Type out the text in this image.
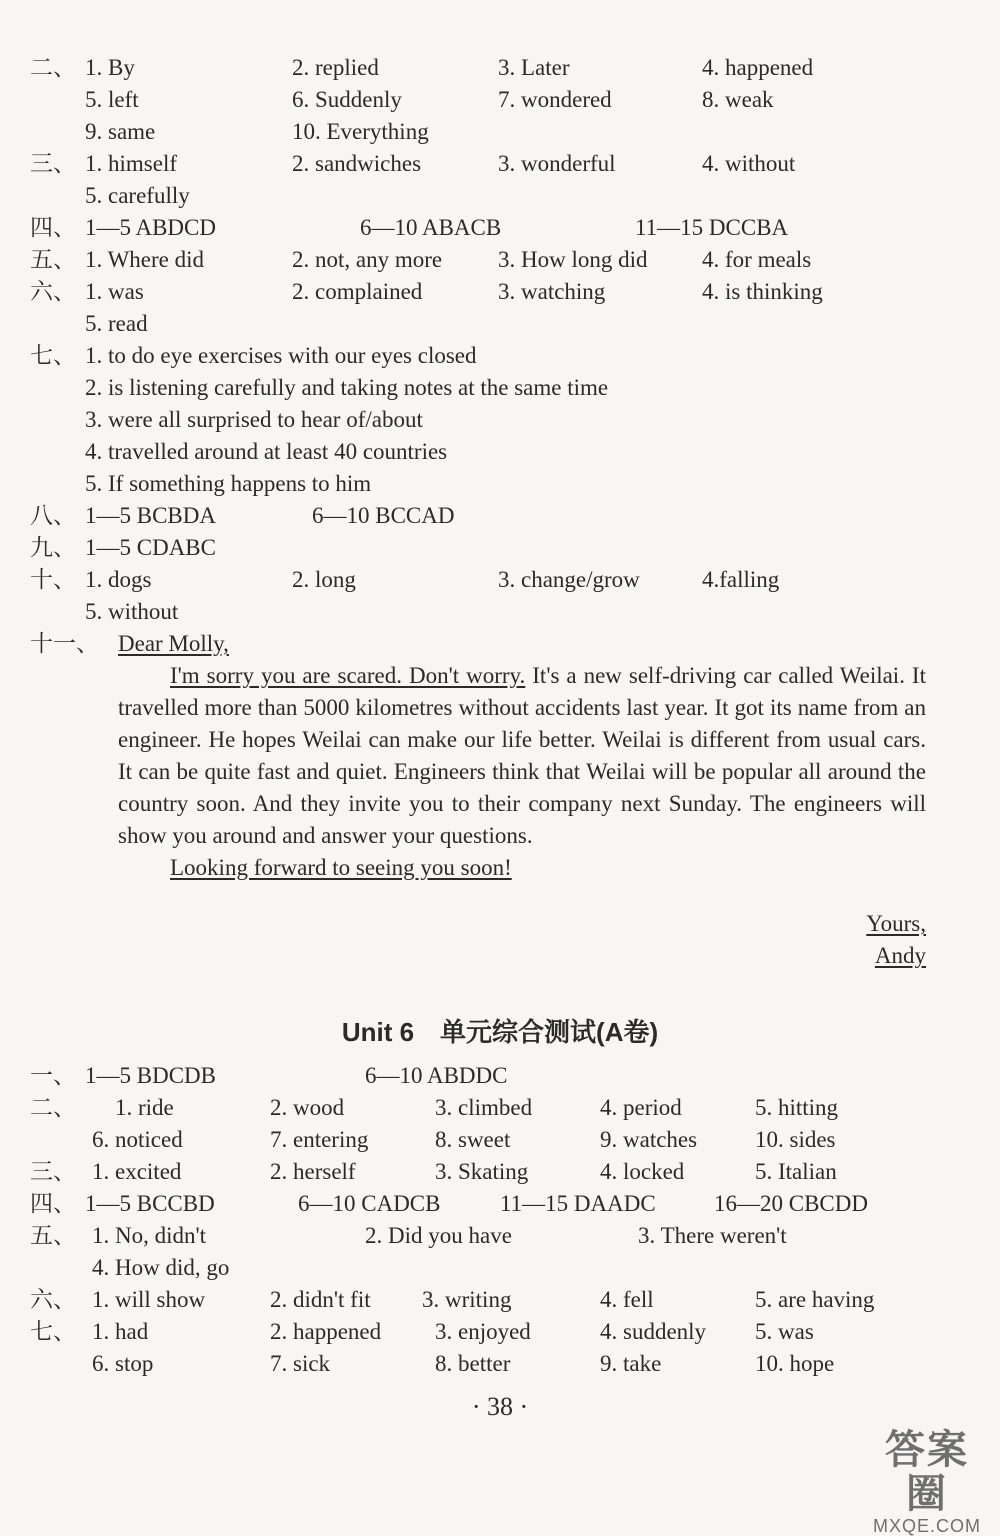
二、 1. By	2. replied	3. Later	4. happened
5. left	6. Suddenly	7. wondered	8. weak
9. same	10. Everything
三、 1. himself	2. sandwiches	3. wonderful	4. without
5. carefully
四、 1—5 ABDCD	6—10 ABACB	11—15 DCCBA
五、 1. Where did	2. not, any more 3. How long did 4. for meals
六、 1. was	2. complained	3. watching	4. is thinking
5. read
七、 1. to do eye exercises with our eyes closed
2. is listening carefully and taking notes at the same time
3. were all surprised to hear of/about
4. travelled around at least 40 countries
5. If something happens to him
八、 1—5 BCBDA	6—10 BCCAD
九、 1—5 CDABC
十、 1. dogs	2. long	3. change/grow	4.falling
5. without
十一、 Dear Molly,

I'm sorry you are scared. Don't worry. It's a new self-driving car called Weilai. It travelled more than 5000 kilometres without accidents last year. It got its name from an engineer. He hopes Weilai can make our life better. Weilai is different from usual cars. It can be quite fast and quiet. Engineers think that Weilai will be popular all around the country soon. And they invite you to their company next Sunday. The engineers will show you around and answer your questions.

Looking forward to seeing you soon!

Yours,
Andy
Unit 6　单元综合测试(A卷)
一、 1—5 BDCDB	6—10 ABDDC
二、 1. ride	2. wood	3. climbed	4. period	5. hitting
6. noticed	7. entering	8. sweet	9. watches	10. sides
三、 1. excited	2. herself	3. Skating	4. locked	5. Italian
四、 1—5 BCCBD	6—10 CADCB	11—15 DAADC	16—20 CBCDD
五、 1. No, didn't	2. Did you have	3. There weren't
4. How did, go
六、 1. will show	2. didn't fit 3. writing	4. fell	5. are having
七、 1. had	2. happened 3. enjoyed	4. suddenly 5. was
6. stop	7. sick	8. better	9. take	10. hope
· 38 ·
答案圈
MXQE.COM
